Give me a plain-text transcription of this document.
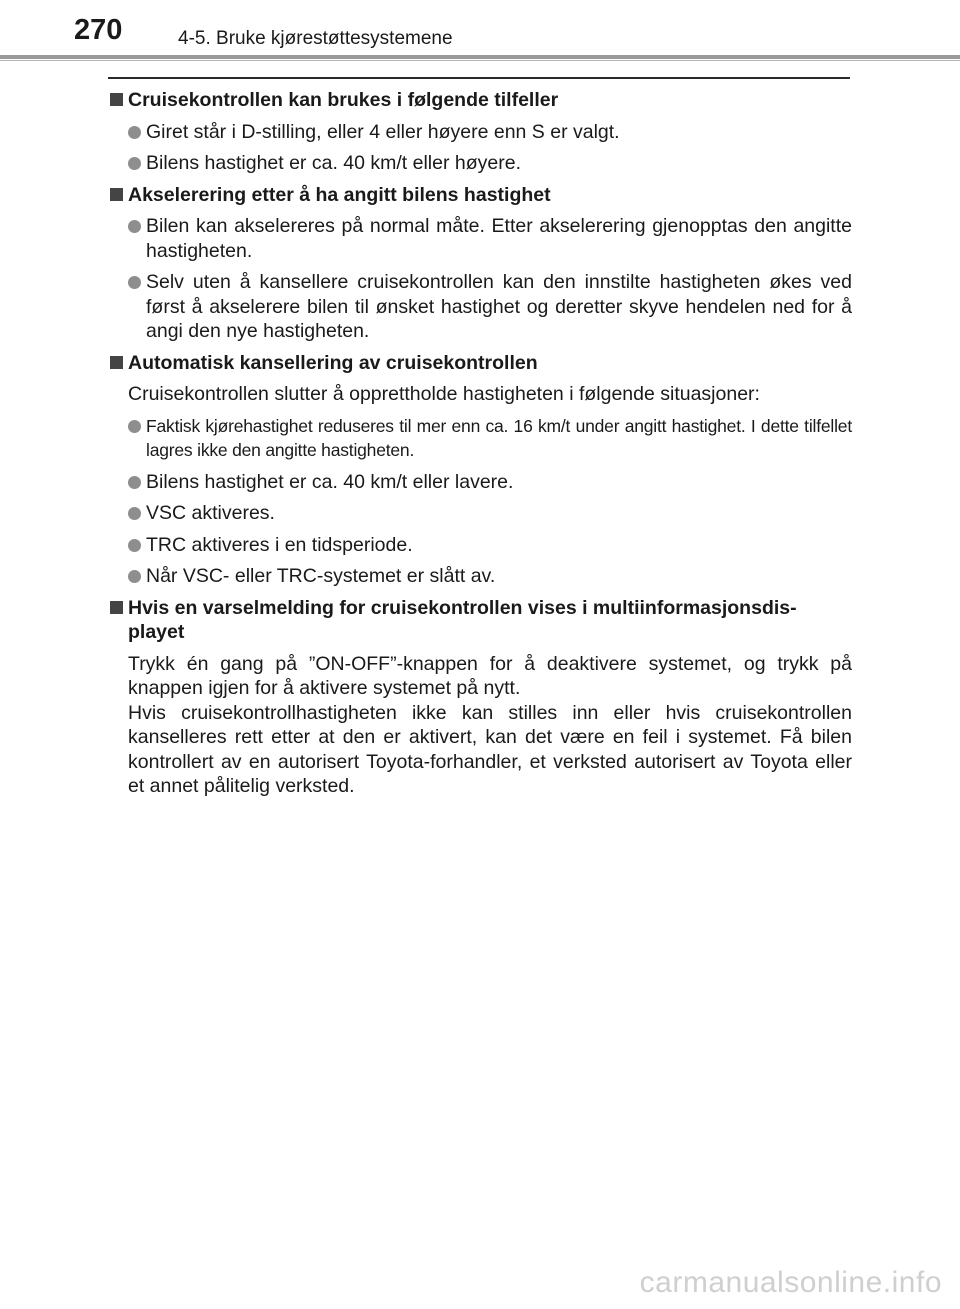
270	4-5. Bruke kjørestøttesystemene
Cruisekontrollen kan brukes i følgende tilfeller
Giret står i D-stilling, eller 4 eller høyere enn S er valgt.
Bilens hastighet er ca. 40 km/t eller høyere.
Akselerering etter å ha angitt bilens hastighet
Bilen kan akselereres på normal måte. Etter akselerering gjenopptas den angitte hastigheten.
Selv uten å kansellere cruisekontrollen kan den innstilte hastigheten økes ved først å akselerere bilen til ønsket hastighet og deretter skyve hendelen ned for å angi den nye hastigheten.
Automatisk kansellering av cruisekontrollen
Cruisekontrollen slutter å opprettholde hastigheten i følgende situasjoner:
Faktisk kjørehastighet reduseres til mer enn ca. 16 km/t under angitt hastighet. I dette tilfellet lagres ikke den angitte hastigheten.
Bilens hastighet er ca. 40 km/t eller lavere.
VSC aktiveres.
TRC aktiveres i en tidsperiode.
Når VSC- eller TRC-systemet er slått av.
Hvis en varselmelding for cruisekontrollen vises i multiinformasjonsdis-playet
Trykk én gang på ”ON-OFF”-knappen for å deaktivere systemet, og trykk på knappen igjen for å aktivere systemet på nytt.
Hvis cruisekontrollhastigheten ikke kan stilles inn eller hvis cruisekontrollen kanselleres rett etter at den er aktivert, kan det være en feil i systemet. Få bilen kontrollert av en autorisert Toyota-forhandler, et verksted autorisert av Toyota eller et annet pålitelig verksted.
carmanualsonline.info
